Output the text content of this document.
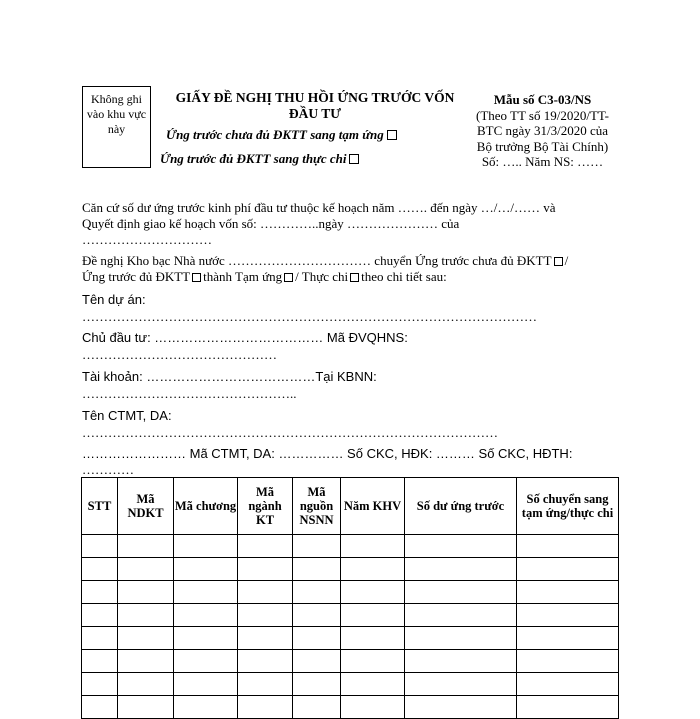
Không ghi
vào khu vực
này
GIẤY ĐỀ NGHỊ THU HỒI ỨNG TRƯỚC VỐN
ĐẦU TƯ
Ứng trước chưa đủ ĐKTT sang tạm ứng
Ứng trước đủ ĐKTT sang thực chi
Mẫu số C3-03/NS
(Theo TT số 19/2020/TT-
BTC ngày 31/3/2020 của
Bộ trưởng Bộ Tài Chính)
Số: ….. Năm NS: ……
Căn cứ số dư ứng trước kinh phí đầu tư thuộc kế hoạch năm ……. đến ngày …/…/…… và
Quyết định giao kế hoạch vốn số: …………..ngày ………………… của
…………………………
Đề nghị Kho bạc Nhà nước …………………………… chuyển Ứng trước chưa đủ ĐKTT /
Ứng trước đủ ĐKTT thành Tạm ứng / Thực chi theo chi tiết sau:
Tên dự án:
……………………………………………………………………………………………
Chủ đầu tư: ………………………………… Mã ĐVQHNS:
………………………………………
Tài khoản: …………………………………Tại KBNN:
…………………………………………..
Tên CTMT, DA:
……………………………………………………………………………………
…………………… Mã CTMT, DA: …………… Số CKC, HĐK: ……… Số CKC, HĐTH:
…………
STT	Mã NDKT	Mã chương	Mã ngành KT	Mã nguồn NSNN	Năm KHV	Số dư ứng trước	Số chuyển sang tạm ứng/thực chi
